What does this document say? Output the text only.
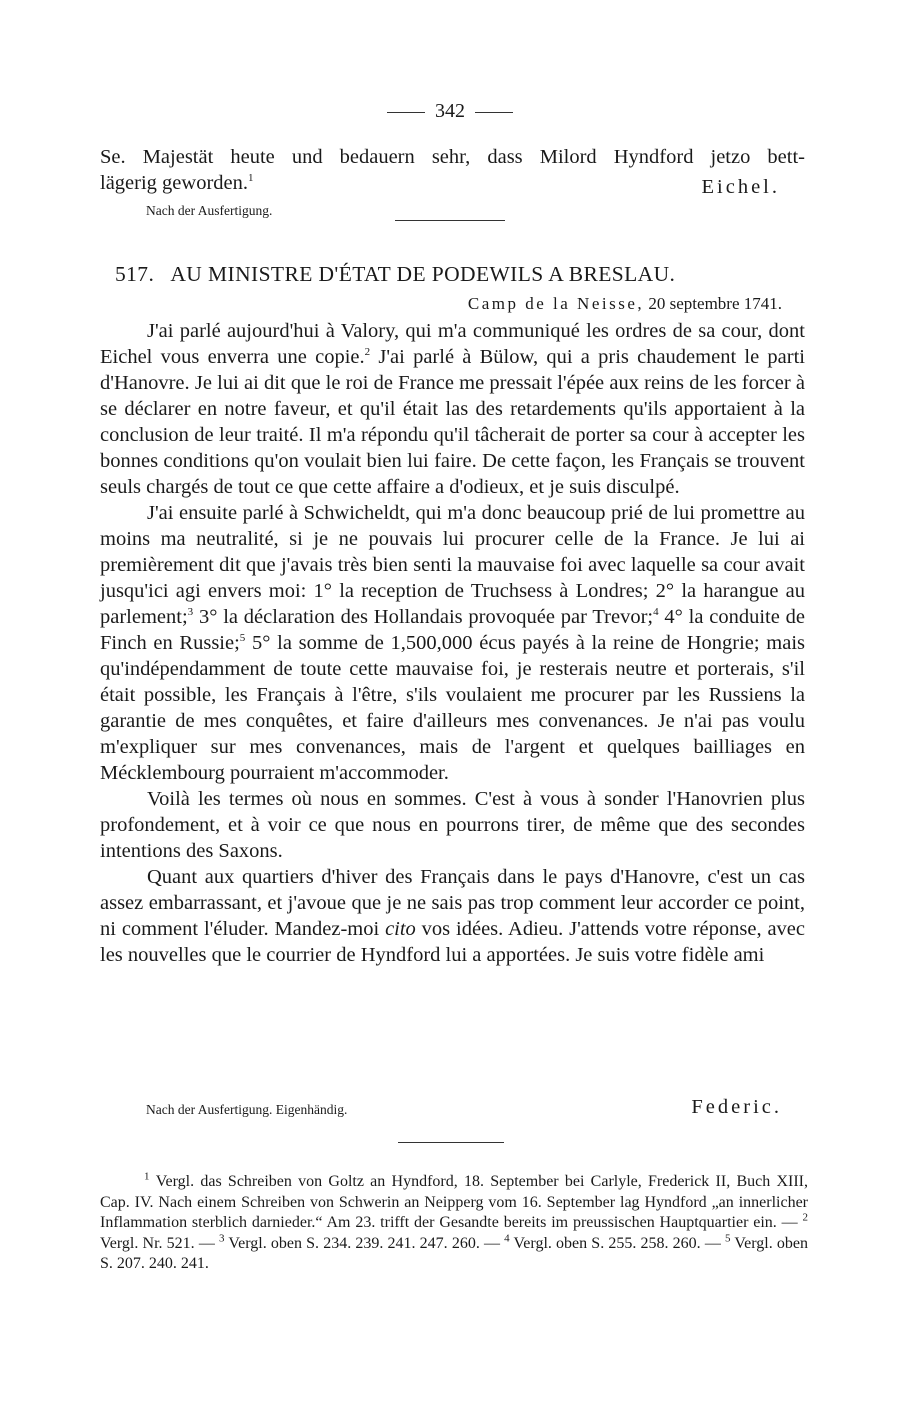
342

Se. Majestät heute und bedauern sehr, dass Milord Hyndford jetzo bett-

lägerig geworden.$^1$	Eichel.
Nach der Ausfertigung.
517. AU MINISTRE D'ÉTAT DE PODEWILS A BRESLAU.
Camp de la Neisse, 20 septembre 1741.

J'ai parlé aujourd'hui à Valory, qui m'a communiqué les ordres de sa cour, dont Eichel vous enverra une copie.$^2$ J'ai parlé à Bülow, qui a pris chaudement le parti d'Hanovre. Je lui ai dit que le roi de France me pressait l'épée aux reins de les forcer à se déclarer en notre faveur, et qu'il était las des retardements qu'ils apportaient à la conclusion de leur traité. Il m'a répondu qu'il tâcherait de porter sa cour à accepter les bonnes conditions qu'on voulait bien lui faire. De cette façon, les Français se trouvent seuls chargés de tout ce que cette affaire a d'odieux, et je suis disculpé.

J'ai ensuite parlé à Schwicheldt, qui m'a donc beaucoup prié de lui promettre au moins ma neutralité, si je ne pouvais lui procurer celle de la France. Je lui ai premièrement dit que j'avais très bien senti la mauvaise foi avec laquelle sa cour avait jusqu'ici agi envers moi: 1° la reception de Truchsess à Londres; 2° la harangue au parlement;$^3$ 3° la déclaration des Hollandais provoquée par Trevor;$^4$ 4° la conduite de Finch en Russie;$^5$ 5° la somme de 1,500,000 écus payés à la reine de Hongrie; mais qu'indépendamment de toute cette mauvaise foi, je resterais neutre et porterais, s'il était possible, les Français à l'être, s'ils voulaient me procurer par les Russiens la garantie de mes conquêtes, et faire d'ailleurs mes convenances. Je n'ai pas voulu m'expliquer sur mes convenances, mais de l'argent et quelques bailliages en Mécklembourg pourraient m'accommoder.

Voilà les termes où nous en sommes. C'est à vous à sonder l'Hanovrien plus profondement, et à voir ce que nous en pourrons tirer, de même que des secondes intentions des Saxons.

Quant aux quartiers d'hiver des Français dans le pays d'Hanovre, c'est un cas assez embarrassant, et j'avoue que je ne sais pas trop comment leur accorder ce point, ni comment l'éluder. Mandez-moi cito vos idées. Adieu. J'attends votre réponse, avec les nouvelles que le courrier de Hyndford lui a apportées. Je suis votre fidèle ami

Nach der Ausfertigung. Eigenhändig.	Federic.

$^1$ Vergl. das Schreiben von Goltz an Hyndford, 18. September bei Carlyle, Frederick II, Buch XIII, Cap. IV. Nach einem Schreiben von Schwerin an Neipperg vom 16. September lag Hyndford „an innerlicher Inflammation sterblich darnieder.“ Am 23. trifft der Gesandte bereits im preussischen Hauptquartier ein. — $^2$ Vergl. Nr. 521. — $^3$ Vergl. oben S. 234. 239. 241. 247. 260. — $^4$ Vergl. oben S. 255. 258. 260. — $^5$ Vergl. oben S. 207. 240. 241.
